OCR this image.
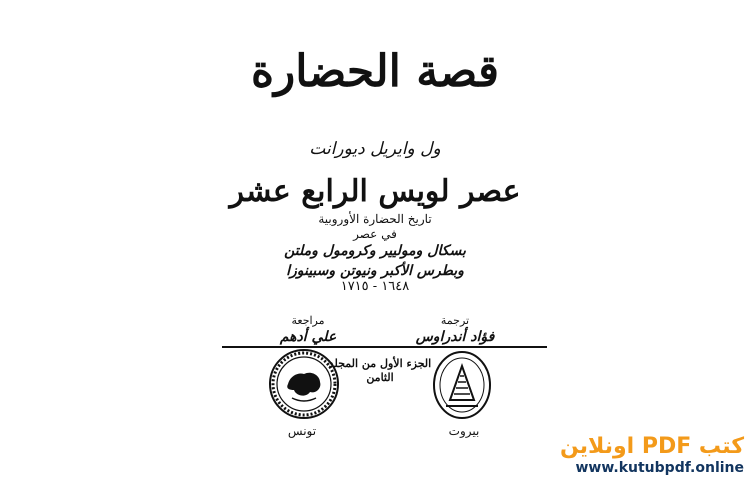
قصة الحضارة
ول وايريل ديورانت
عصر لويس الرابع عشر
تاريخ الحضارة الأوروبية
في عصر
بسكال وموليير وكرومول وملتن
وبطرس الأكبر ونيوتن وسبينوزا
١٦٤٨ - ١٧١٥
ترجمة
فؤاد أندراوس
مراجعة
علي أدهم
الجزء الأول من المجلد الثامن
تونس	بيروت
كتب PDF اونلاين
www.kutubpdf.online
